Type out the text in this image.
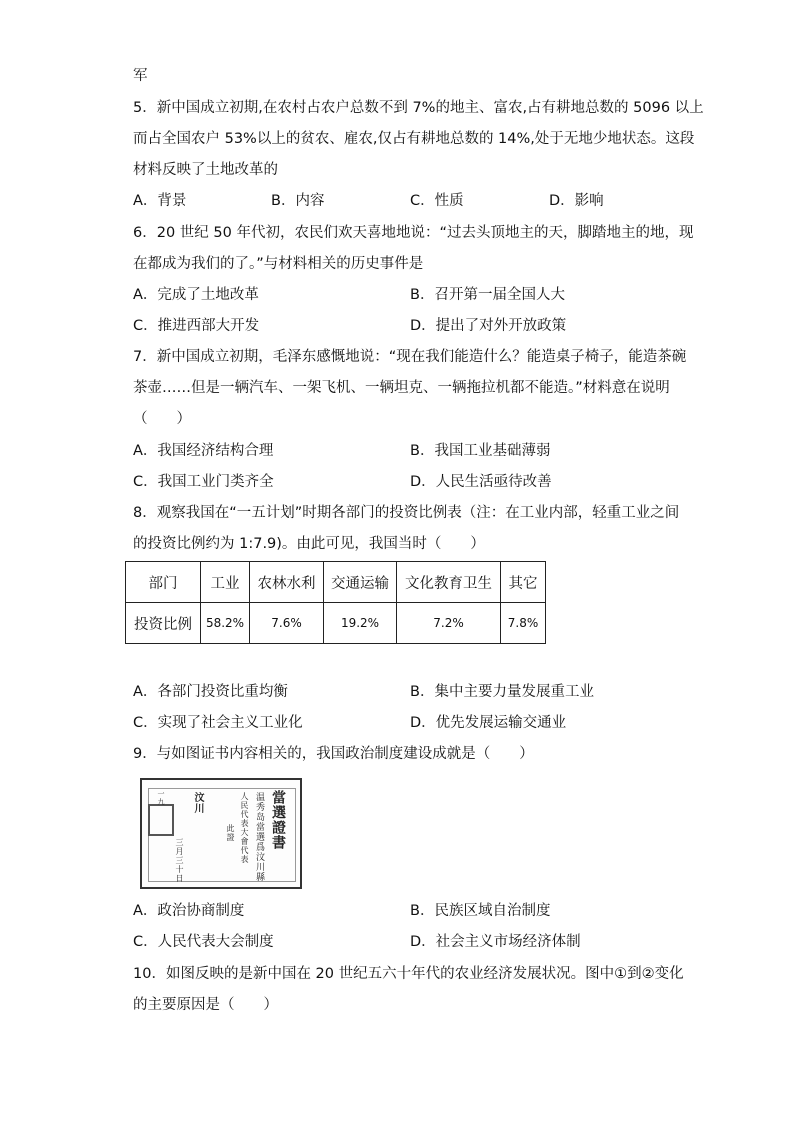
军
5．新中国成立初期,在农村占农户总数不到 7%的地主、富农,占有耕地总数的 5096 以上
而占全国农户 53%以上的贫农、雇农,仅占有耕地总数的 14%,处于无地少地状态。这段
材料反映了土地改革的
A．背景	B．内容	C．性质	D．影响
6．20 世纪 50 年代初，农民们欢天喜地地说：“过去头顶地主的天，脚踏地主的地，现
在都成为我们的了。”与材料相关的历史事件是
A．完成了土地改革	B．召开第一届全国人大
C．推进西部大开发	D．提出了对外开放政策
7．新中国成立初期，毛泽东感慨地说：“现在我们能造什么？能造桌子椅子，能造茶碗
茶壶……但是一辆汽车、一架飞机、一辆坦克、一辆拖拉机都不能造。”材料意在说明
（　　）
A．我国经济结构合理	B．我国工业基础薄弱
C．我国工业门类齐全	D．人民生活亟待改善
8．观察我国在“一五计划”时期各部门的投资比例表（注：在工业内部，轻重工业之间
的投资比例约为 1:7.9)。由此可见，我国当时（　　）
部门	工业	农林水利	交通运输	文化教育卫生	其它
投资比例	58.2%	7.6%	19.2%	7.2%	7.8%
A．各部门投资比重均衡	B．集中主要力量发展重工业
C．实现了社会主义工业化	D．优先发展运输交通业
9．与如图证书内容相关的，我国政治制度建设成就是（　　）
當選證書
温秀岛當選爲汶川縣
人民代表大會代表
此證
汶川
三月三十日
一九
A．政治协商制度	B．民族区域自治制度
C．人民代表大会制度	D．社会主义市场经济体制
10．如图反映的是新中国在 20 世纪五六十年代的农业经济发展状况。图中①到②变化
的主要原因是（　　）
